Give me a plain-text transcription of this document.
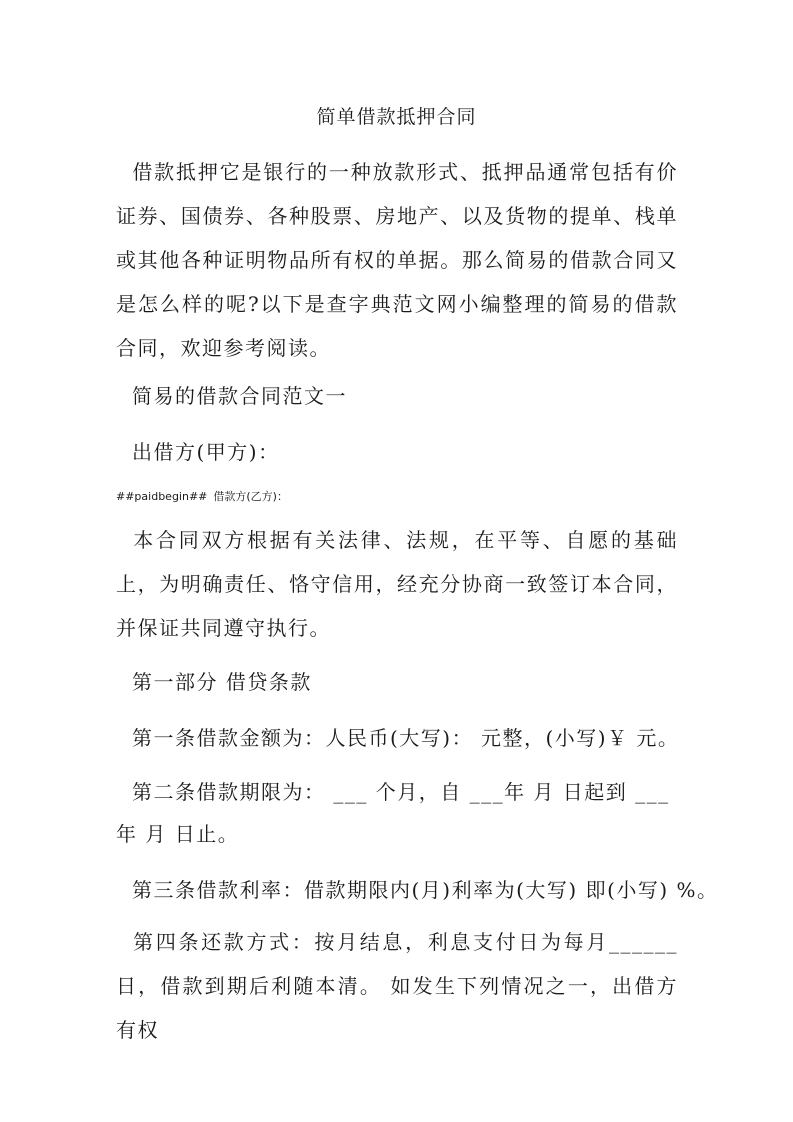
简单借款抵押合同

借款抵押它是银行的一种放款形式、抵押品通常包括有价证券、国债券、各种股票、房地产、以及货物的提单、栈单或其他各种证明物品所有权的单据。那么简易的借款合同又是怎么样的呢?以下是查字典范文网小编整理的简易的借款合同，欢迎参考阅读。

简易的借款合同范文一

出借方(甲方)：

##paidbegin## 借款方(乙方)：

本合同双方根据有关法律、法规，在平等、自愿的基础上，为明确责任、恪守信用，经充分协商一致签订本合同，并保证共同遵守执行。

第一部分 借贷条款

第一条借款金额为：人民币(大写)： 元整，(小写)￥ 元。

第二条借款期限为： ___ 个月，自 ___年 月 日起到 ___

年 月 日止。

第三条借款利率：借款期限内(月)利率为(大写) 即(小写) %。

第四条还款方式：按月结息，利息支付日为每月______日，借款到期后利随本清。 如发生下列情况之一，出借方有权
